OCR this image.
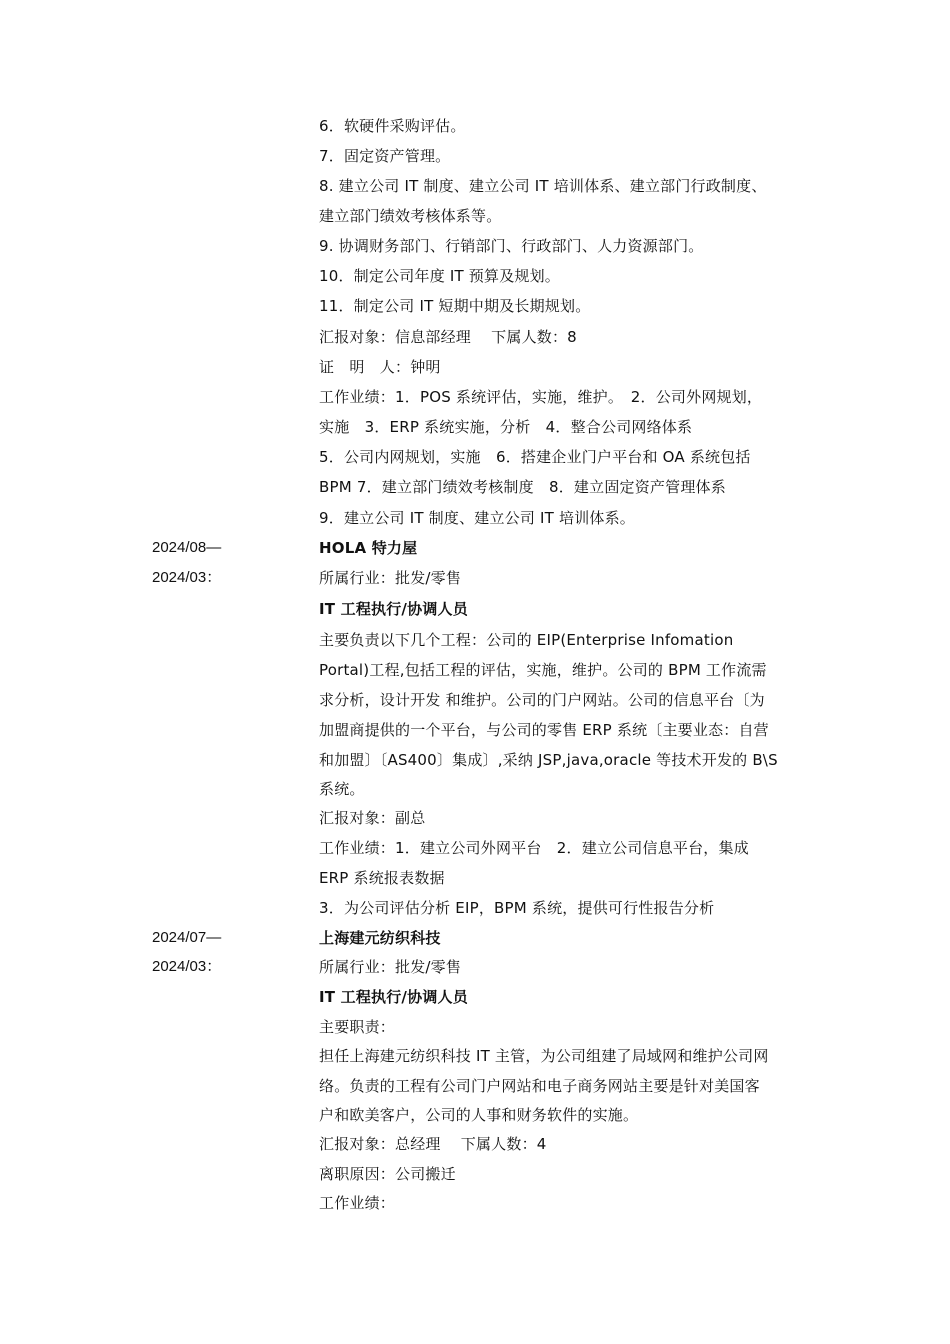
6．软硬件采购评估。
7．固定资产管理。
8. 建立公司 IT 制度、建立公司 IT 培训体系、建立部门行政制度、
建立部门绩效考核体系等。
9. 协调财务部门、行销部门、行政部门、人力资源部门。
10．制定公司年度 IT 预算及规划。
11．制定公司 IT 短期中期及长期规划。
汇报对象：信息部经理　 下属人数：8
证　明　人：钟明
工作业绩：1．POS 系统评估，实施，维护。　2．公司外网规划，
实施　3．ERP 系统实施，分析　4．整合公司网络体系
5．公司内网规划，实施　6．搭建企业门户平台和 OA 系统包括
BPM 7．建立部门绩效考核制度　8．建立固定资产管理体系
9．建立公司 IT 制度、建立公司 IT 培训体系。
2024/08—	HOLA 特力屋
2024/03：	所属行业：批发/零售
IT 工程执行/协调人员
主要负责以下几个工程：公司的 EIP(Enterprise Infomation
Portal)工程,包括工程的评估，实施，维护。公司的 BPM 工作流需
求分析，设计开发 和维护。公司的门户网站。公司的信息平台〔为
加盟商提供的一个平台，与公司的零售 ERP 系统〔主要业态：自营
和加盟〕〔AS400〕集成〕,采纳 JSP,java,oracle 等技术开发的 B\S
系统。
汇报对象：副总
工作业绩：1．建立公司外网平台　2．建立公司信息平台，集成
ERP 系统报表数据
3．为公司评估分析 EIP，BPM 系统，提供可行性报告分析
2024/07—	上海建元纺织科技
2024/03：	所属行业：批发/零售
IT 工程执行/协调人员
主要职责：
担任上海建元纺织科技 IT 主管，为公司组建了局域网和维护公司网
络。负责的工程有公司门户网站和电子商务网站主要是针对美国客
户和欧美客户，公司的人事和财务软件的实施。
汇报对象：总经理　 下属人数：4
离职原因：公司搬迁
工作业绩：
